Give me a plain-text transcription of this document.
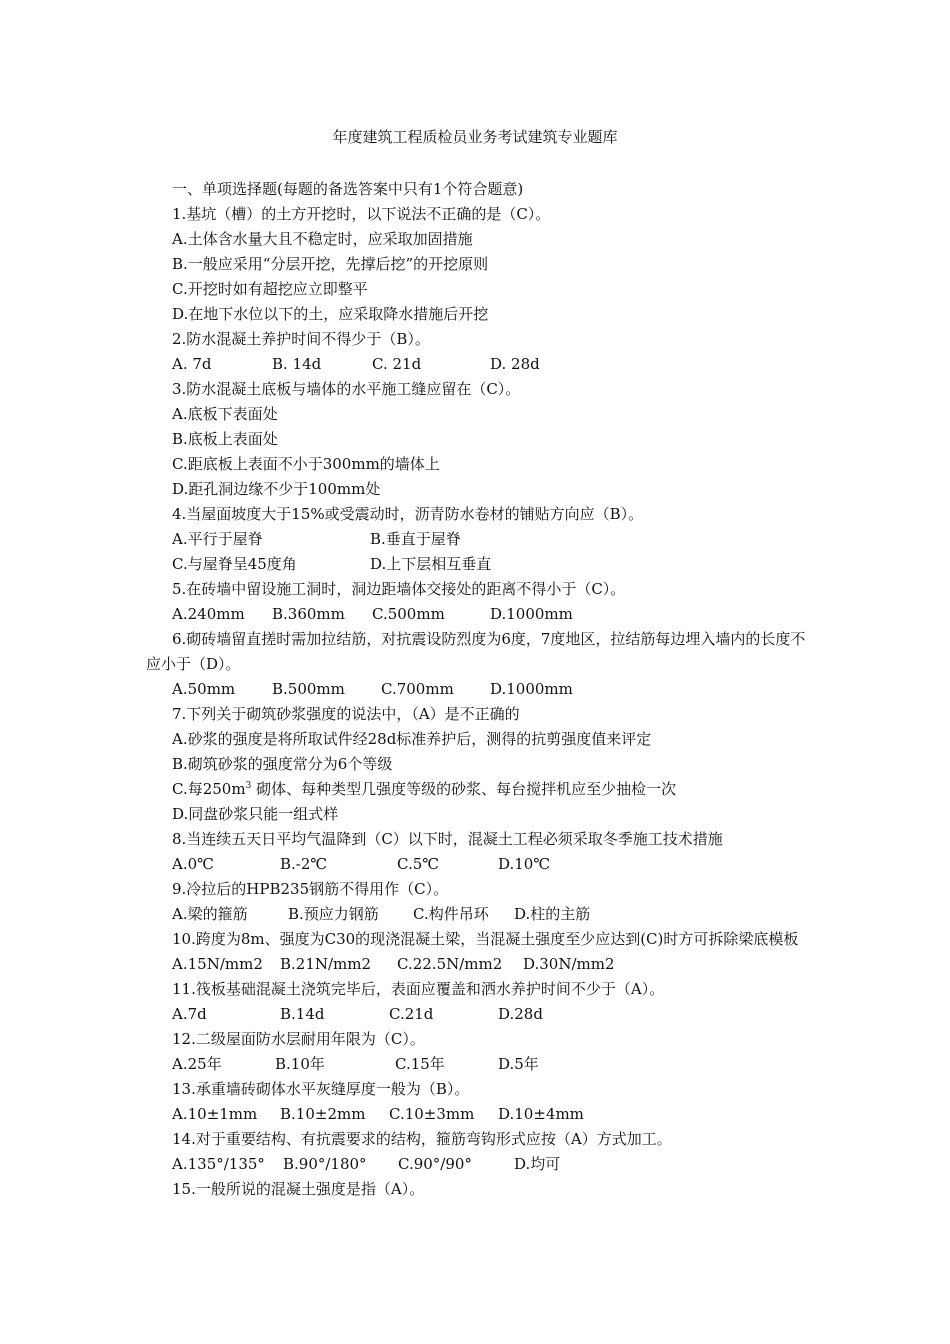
年度建筑工程质检员业务考试建筑专业题库
一、单项选择题(每题的备选答案中只有1个符合题意)
1.基坑（槽）的土方开挖时，以下说法不正确的是（C）。
A.土体含水量大且不稳定时，应采取加固措施
B.一般应采用“分层开挖，先撑后挖”的开挖原则
C.开挖时如有超挖应立即整平
D.在地下水位以下的土，应采取降水措施后开挖
2.防水混凝土养护时间不得少于（B）。
A. 7d	B. 14d	C. 21d	D. 28d
3.防水混凝土底板与墙体的水平施工缝应留在（C）。
A.底板下表面处
B.底板上表面处
C.距底板上表面不小于300mm的墙体上
D.距孔洞边缘不少于100mm处
4.当屋面坡度大于15%或受震动时，沥青防水卷材的铺贴方向应（B）。
A.平行于屋脊	B.垂直于屋脊
C.与屋脊呈45度角	D.上下层相互垂直
5.在砖墙中留设施工洞时，洞边距墙体交接处的距离不得小于（C）。
A.240mm B.360mm C.500mm	D.1000mm
6.砌砖墙留直搓时需加拉结筋，对抗震设防烈度为6度，7度地区，拉结筋每边埋入墙内的长度不应小于（D）。
A.50mm B.500mm C.700mm D.1000mm
7.下列关于砌筑砂浆强度的说法中，（A）是不正确的
A.砂浆的强度是将所取试件经28d标准养护后，测得的抗剪强度值来评定
B.砌筑砂浆的强度常分为6个等级
C.每$250m^3$ 砌体、每种类型几强度等级的砂浆、每台搅拌机应至少抽检一次
D.同盘砂浆只能一组式样
8.当连续五天日平均气温降到（C）以下时，混凝土工程必须采取冬季施工技术措施
A.0℃	B.-2℃	C.5℃	D.10℃
9.冷拉后的HPB235钢筋不得用作（C）。
A.梁的箍筋	B.预应力钢筋 C.构件吊环 D.柱的主筋
10.跨度为8m、强度为C30的现浇混凝土梁，当混凝土强度至少应达到(C)时方可拆除梁底模板
A.15N/mm2 B.21N/mm2 C.22.5N/mm2 D.30N/mm2
11.筏板基础混凝土浇筑完毕后，表面应覆盖和洒水养护时间不少于（A）。
A.7d	B.14d	C.21d	D.28d
12.二级屋面防水层耐用年限为（C）。
A.25年	B.10年	C.15年	D.5年
13.承重墙砖砌体水平灰缝厚度一般为（B）。
A.10±1mm B.10±2mm C.10±3mm D.10±4mm
14.对于重要结构、有抗震要求的结构，箍筋弯钩形式应按（A）方式加工。
A.135°/135° B.90°/180° C.90°/90°	D.均可
15.一般所说的混凝土强度是指（A）。
